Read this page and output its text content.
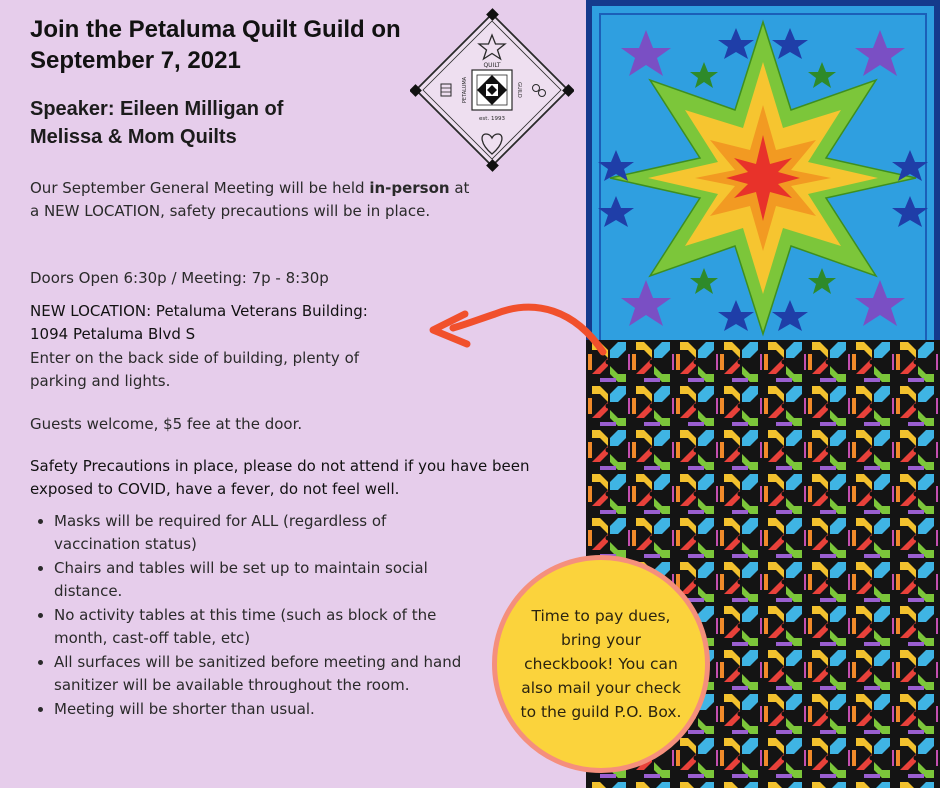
Join the Petaluma Quilt Guild on
September 7, 2021
Speaker: Eileen Milligan of
Melissa & Mom Quilts
QUILT
est. 1993
PETALUMA	GUILD

Our September General Meeting will be held in-person at a NEW LOCATION, safety precautions will be in place.

Doors Open 6:30p / Meeting: 7p - 8:30p

NEW LOCATION: Petaluma Veterans Building:
1094 Petaluma Blvd S

Enter on the back side of building, plenty of parking and lights.

Guests welcome, $5 fee at the door.

Safety Precautions in place, please do not attend if you have been exposed to COVID, have a fever, do not feel well.

• Masks will be required for ALL (regardless of vaccination status)
• Chairs and tables will be set up to maintain social distance.
• No activity tables at this time (such as block of the month, cast-off table, etc)
• All surfaces will be sanitized before meeting and hand sanitizer will be available throughout the room.
• Meeting will be shorter than usual.
Time to pay dues, bring your checkbook! You can also mail your check to the guild P.O. Box.
